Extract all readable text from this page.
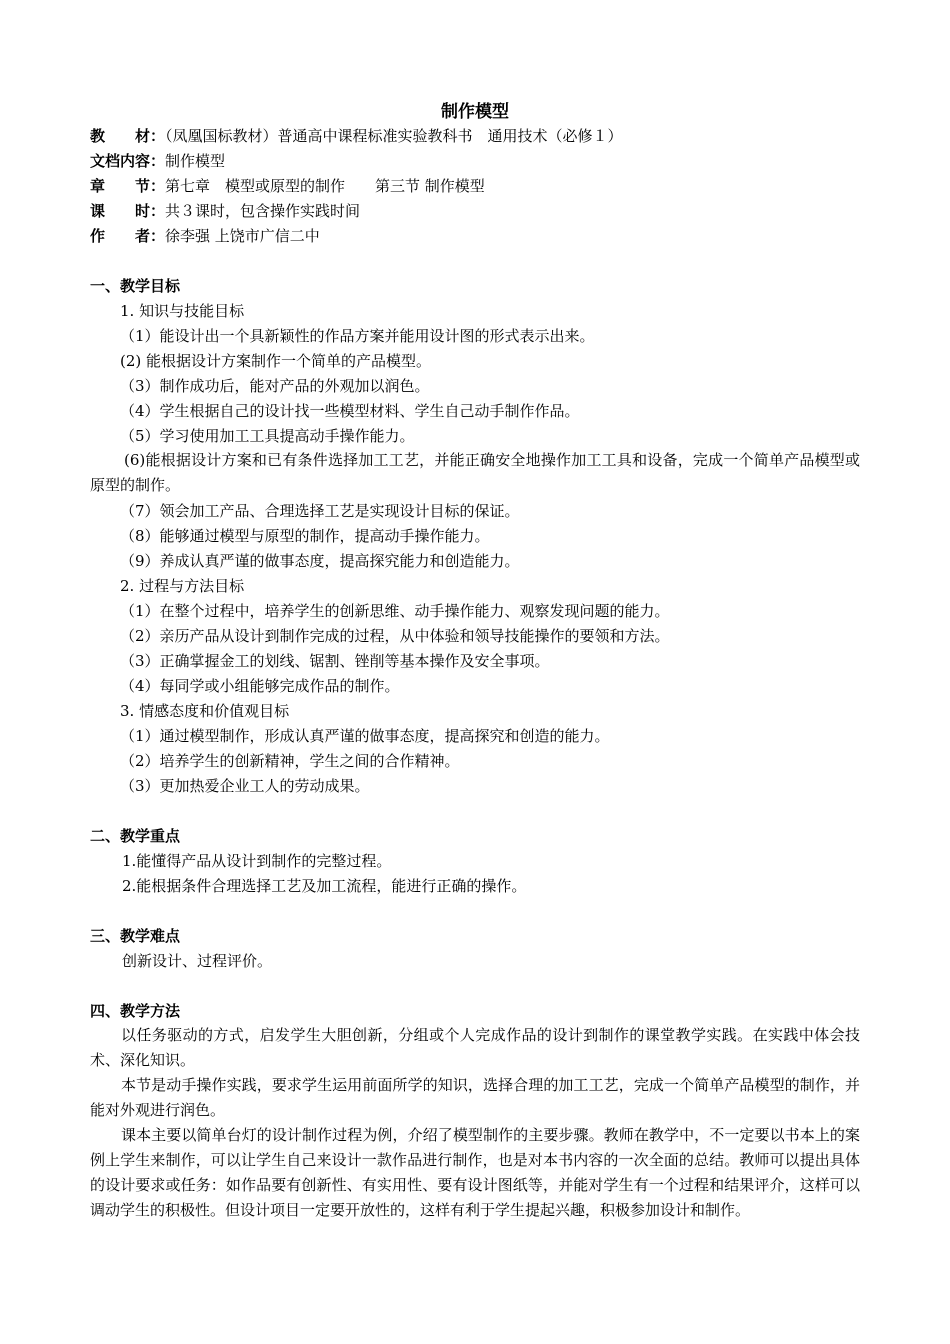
制作模型
教　　材：（凤凰国标教材）普通高中课程标准实验教科书　通用技术（必修１）
文档内容：制作模型
章　　节：第七章　模型或原型的制作　　第三节 制作模型
课　　时：共３课时，包含操作实践时间
作　　者：徐李强 上饶市广信二中
一、教学目标
1. 知识与技能目标
（1）能设计出一个具新颖性的作品方案并能用设计图的形式表示出来。
(2) 能根据设计方案制作一个简单的产品模型。
（3）制作成功后，能对产品的外观加以润色。
（4）学生根据自己的设计找一些模型材料、学生自己动手制作作品。
（5）学习使用加工工具提高动手操作能力。
(6)能根据设计方案和已有条件选择加工工艺，并能正确安全地操作加工工具和设备，完成一个简单产品模型或原型的制作。
（7）领会加工产品、合理选择工艺是实现设计目标的保证。
（8）能够通过模型与原型的制作，提高动手操作能力。
（9）养成认真严谨的做事态度，提高探究能力和创造能力。
2. 过程与方法目标
（1）在整个过程中，培养学生的创新思维、动手操作能力、观察发现问题的能力。
（2）亲历产品从设计到制作完成的过程，从中体验和领导技能操作的要领和方法。
（3）正确掌握金工的划线、锯割、锉削等基本操作及安全事项。
（4）每同学或小组能够完成作品的制作。
3. 情感态度和价值观目标
（1）通过模型制作，形成认真严谨的做事态度，提高探究和创造的能力。
（2）培养学生的创新精神，学生之间的合作精神。
（3）更加热爱企业工人的劳动成果。
二、教学重点
1.能懂得产品从设计到制作的完整过程。
2.能根据条件合理选择工艺及加工流程，能进行正确的操作。
三、教学难点
创新设计、过程评价。
四、教学方法
以任务驱动的方式，启发学生大胆创新，分组或个人完成作品的设计到制作的课堂教学实践。在实践中体会技术、深化知识。
本节是动手操作实践，要求学生运用前面所学的知识，选择合理的加工工艺，完成一个简单产品模型的制作，并能对外观进行润色。
课本主要以简单台灯的设计制作过程为例，介绍了模型制作的主要步骤。教师在教学中，不一定要以书本上的案例上学生来制作，可以让学生自己来设计一款作品进行制作，也是对本书内容的一次全面的总结。教师可以提出具体的设计要求或任务：如作品要有创新性、有实用性、要有设计图纸等，并能对学生有一个过程和结果评介，这样可以调动学生的积极性。但设计项目一定要开放性的，这样有利于学生提起兴趣，积极参加设计和制作。
